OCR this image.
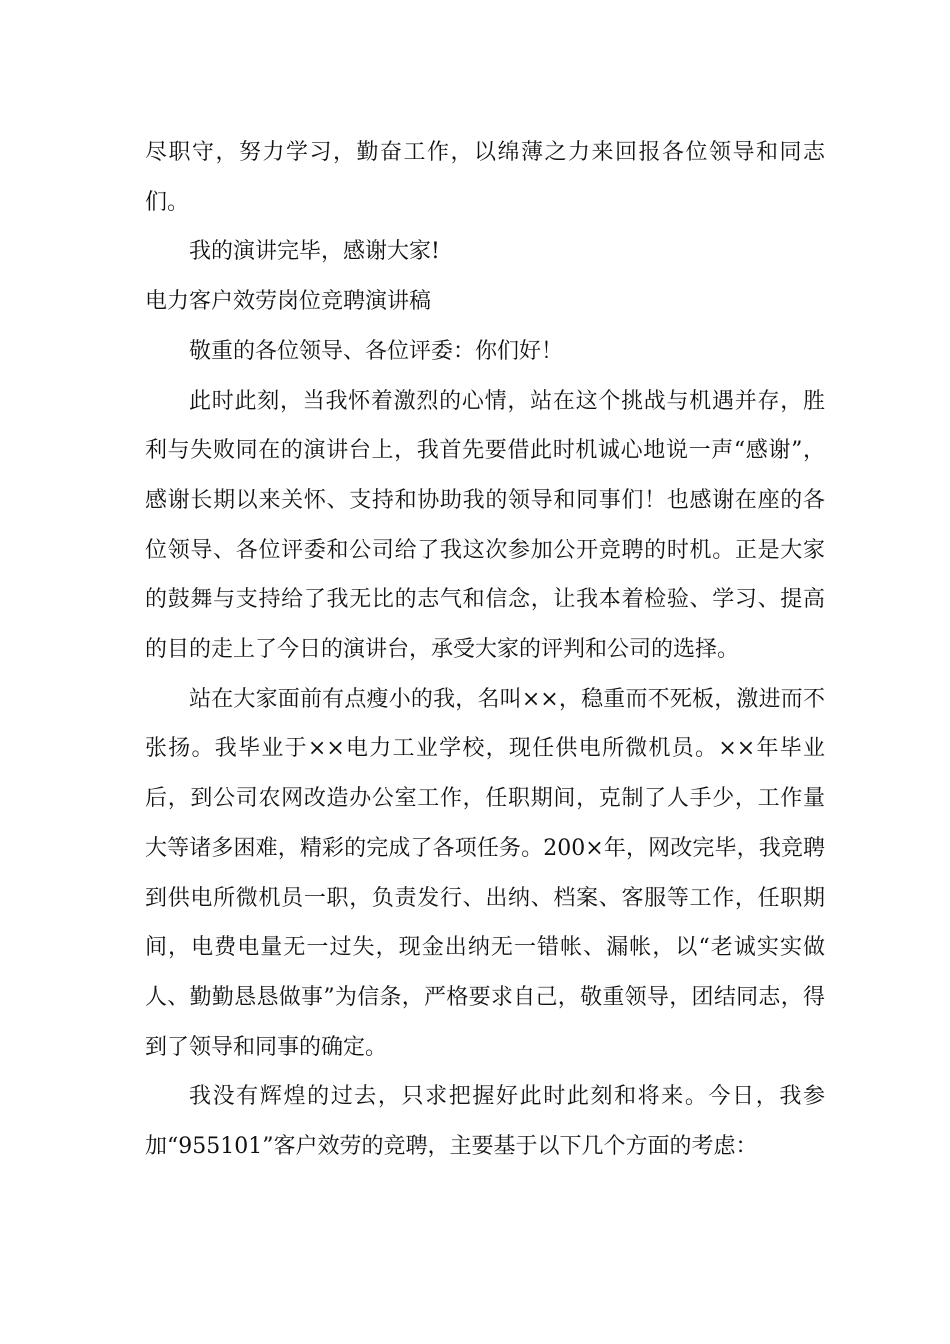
尽职守，努力学习，勤奋工作，以绵薄之力来回报各位领导和同志们。

我的演讲完毕，感谢大家!

电力客户效劳岗位竞聘演讲稿

敬重的各位领导、各位评委：你们好！

此时此刻，当我怀着激烈的心情，站在这个挑战与机遇并存，胜利与失败同在的演讲台上，我首先要借此时机诚心地说一声“感谢”，感谢长期以来关怀、支持和协助我的领导和同事们！也感谢在座的各位领导、各位评委和公司给了我这次参加公开竞聘的时机。正是大家的鼓舞与支持给了我无比的志气和信念，让我本着检验、学习、提高的目的走上了今日的演讲台，承受大家的评判和公司的选择。

站在大家面前有点瘦小的我，名叫××，稳重而不死板，激进而不张扬。我毕业于××电力工业学校，现任供电所微机员。××年毕业后，到公司农网改造办公室工作，任职期间，克制了人手少，工作量大等诸多困难，精彩的完成了各项任务。200×年，网改完毕，我竞聘到供电所微机员一职，负责发行、出纳、档案、客服等工作，任职期间，电费电量无一过失，现金出纳无一错帐、漏帐，以“老诚实实做人、勤勤恳恳做事”为信条，严格要求自己，敬重领导，团结同志，得到了领导和同事的确定。

我没有辉煌的过去，只求把握好此时此刻和将来。今日，我参加“955101”客户效劳的竞聘，主要基于以下几个方面的考虑：
